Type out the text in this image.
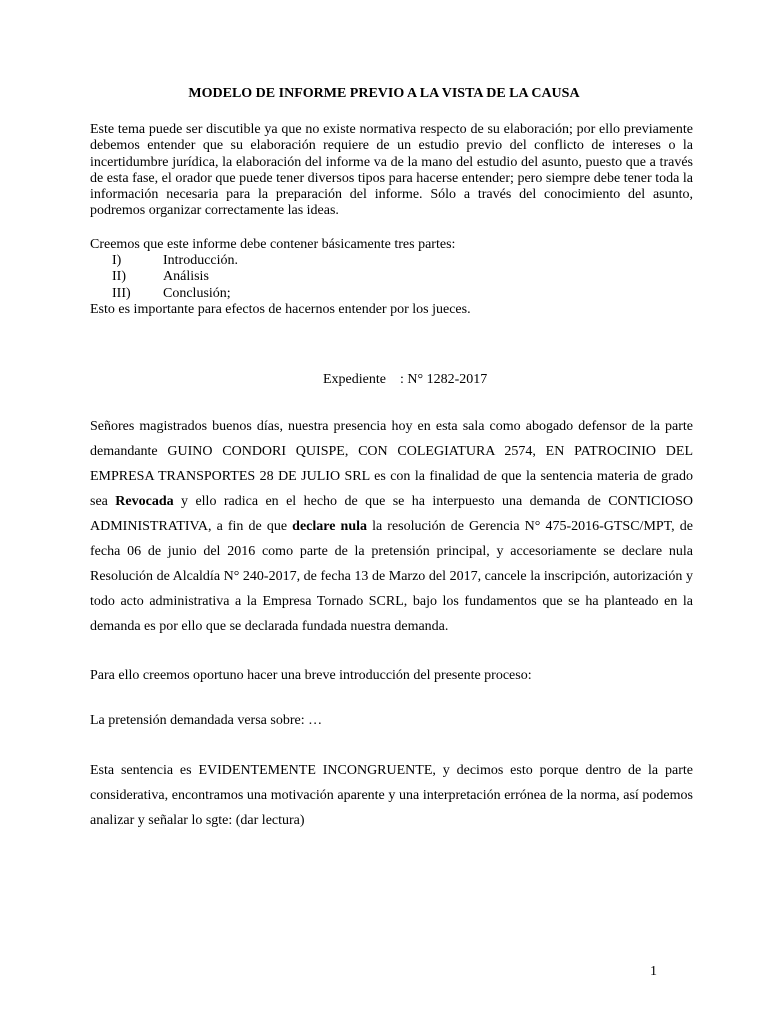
MODELO DE INFORME PREVIO A LA VISTA DE LA CAUSA

Este tema puede ser discutible ya que no existe normativa respecto de su elaboración; por ello previamente debemos entender que su elaboración requiere de un estudio previo del conflicto de intereses o la incertidumbre jurídica, la elaboración del informe va de la mano del estudio del asunto, puesto que a través de esta fase, el orador que puede tener diversos tipos para hacerse entender; pero siempre debe tener toda la información necesaria para la preparación del informe. Sólo a través del conocimiento del asunto, podremos organizar correctamente las ideas.

Creemos que este informe debe contener básicamente tres partes:

I)	Introducción.
II)	Análisis
III)	Conclusión;

Esto es importante para efectos de hacernos entender por los jueces.

Expediente : N° 1282-2017

Señores magistrados buenos días, nuestra presencia hoy en esta sala como abogado defensor de la parte demandante GUINO CONDORI QUISPE, CON COLEGIATURA 2574, EN PATROCINIO DEL EMPRESA TRANSPORTES 28 DE JULIO SRL es con la finalidad de que la sentencia materia de grado sea Revocada y ello radica en el hecho de que se ha interpuesto una demanda de CONTICIOSO ADMINISTRATIVA, a fin de que declare nula la resolución de Gerencia N° 475-2016-GTSC/MPT, de fecha 06 de junio del 2016 como parte de la pretensión principal, y accesoriamente se declare nula Resolución de Alcaldía N° 240-2017, de fecha 13 de Marzo del 2017, cancele la inscripción, autorización y todo acto administrativa a la Empresa Tornado SCRL, bajo los fundamentos que se ha planteado en la demanda es por ello que se declarada fundada nuestra demanda.

Para ello creemos oportuno hacer una breve introducción del presente proceso:

La pretensión demandada versa sobre: …

Esta sentencia es EVIDENTEMENTE INCONGRUENTE, y decimos esto porque dentro de la parte considerativa, encontramos una motivación aparente y una interpretación errónea de la norma, así podemos analizar y señalar lo sgte: (dar lectura)

1
